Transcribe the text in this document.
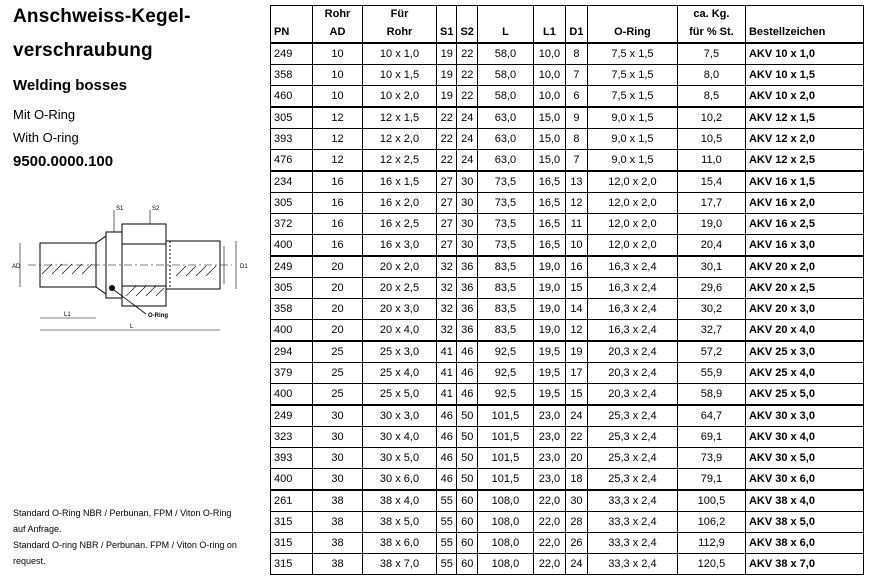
Anschweiss-Kegel-
verschraubung
Welding bosses
Mit O-Ring
With O-ring
9500.0000.100
S1	S2
AD	D1
L1
L
O-Ring
Standard O-Ring NBR / Perbunan, FPM / Viton O-Ring
auf Anfrage.
Standard O-ring NBR / Perbunan. FPM / Viton O-ring on
request.
	Rohr	Für							ca. Kg.	
PN	AD	Rohr	S1	S2	L	L1	D1	O-Ring	für % St.	Bestellzeichen
249	10	10 x 1,0	19	22	58,0	10,0	8	7,5 x 1,5	7,5	AKV 10 x 1,0
358	10	10 x 1,5	19	22	58,0	10,0	7	7,5 x 1,5	8,0	AKV 10 x 1,5
460	10	10 x 2,0	19	22	58,0	10,0	6	7,5 x 1,5	8,5	AKV 10 x 2,0
305	12	12 x 1,5	22	24	63,0	15,0	9	9,0 x 1,5	10,2	AKV 12 x 1,5
393	12	12 x 2,0	22	24	63,0	15,0	8	9,0 x 1,5	10,5	AKV 12 x 2,0
476	12	12 x 2,5	22	24	63,0	15,0	7	9,0 x 1,5	11,0	AKV 12 x 2,5
234	16	16 x 1,5	27	30	73,5	16,5	13	12,0 x 2,0	15,4	AKV 16 x 1,5
305	16	16 x 2,0	27	30	73,5	16,5	12	12,0 x 2,0	17,7	AKV 16 x 2,0
372	16	16 x 2,5	27	30	73,5	16,5	11	12,0 x 2,0	19,0	AKV 16 x 2,5
400	16	16 x 3,0	27	30	73,5	16,5	10	12,0 x 2,0	20,4	AKV 16 x 3,0
249	20	20 x 2,0	32	36	83,5	19,0	16	16,3 x 2,4	30,1	AKV 20 x 2,0
305	20	20 x 2,5	32	36	83,5	19,0	15	16,3 x 2,4	29,6	AKV 20 x 2,5
358	20	20 x 3,0	32	36	83,5	19,0	14	16,3 x 2,4	30,2	AKV 20 x 3,0
400	20	20 x 4,0	32	36	83,5	19,0	12	16,3 x 2,4	32,7	AKV 20 x 4,0
294	25	25 x 3,0	41	46	92,5	19,5	19	20,3 x 2,4	57,2	AKV 25 x 3,0
379	25	25 x 4,0	41	46	92,5	19,5	17	20,3 x 2,4	55,9	AKV 25 x 4,0
400	25	25 x 5,0	41	46	92,5	19,5	15	20,3 x 2,4	58,9	AKV 25 x 5,0
249	30	30 x 3,0	46	50	101,5	23,0	24	25,3 x 2,4	64,7	AKV 30 x 3,0
323	30	30 x 4,0	46	50	101,5	23,0	22	25,3 x 2,4	69,1	AKV 30 x 4,0
393	30	30 x 5,0	46	50	101,5	23,0	20	25,3 x 2,4	73,9	AKV 30 x 5,0
400	30	30 x 6,0	46	50	101,5	23,0	18	25,3 x 2,4	79,1	AKV 30 x 6,0
261	38	38 x 4,0	55	60	108,0	22,0	30	33,3 x 2,4	100,5	AKV 38 x 4,0
315	38	38 x 5,0	55	60	108,0	22,0	28	33,3 x 2,4	106,2	AKV 38 x 5,0
315	38	38 x 6,0	55	60	108,0	22,0	26	33,3 x 2,4	112,9	AKV 38 x 6,0
315	38	38 x 7,0	55	60	108,0	22,0	24	33,3 x 2,4	120,5	AKV 38 x 7,0
